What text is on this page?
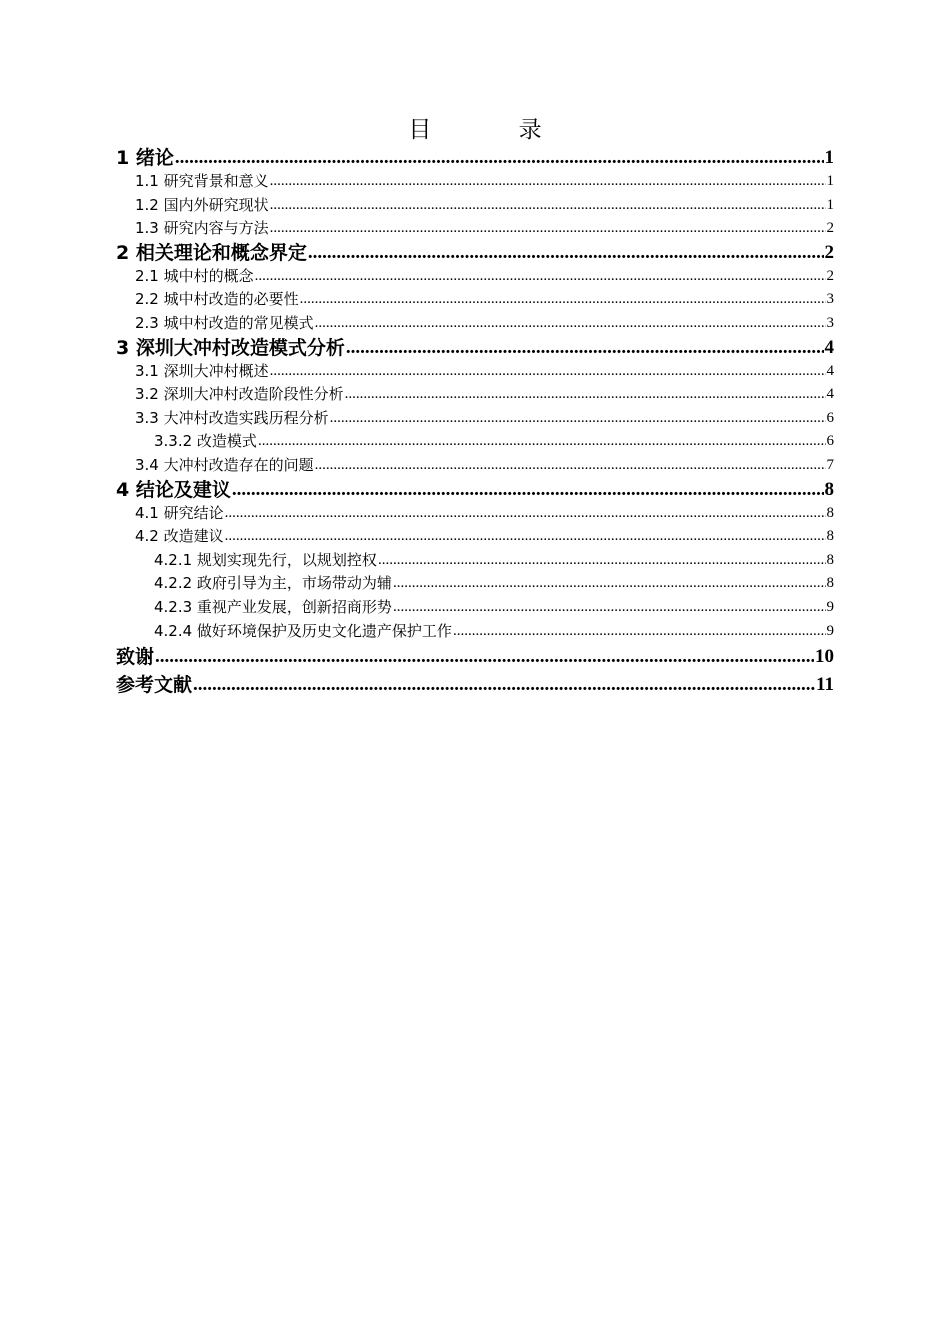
目 录
1 绪论 .....	1
1.1 研究背景和意义 .....	1
1.2 国内外研究现状 .....	1
1.3 研究内容与方法 .....	2
2 相关理论和概念界定 .....	2
2.1 城中村的概念 .....	2
2.2 城中村改造的必要性 .....	3
2.3 城中村改造的常见模式 .....	3
3 深圳大冲村改造模式分析 .....	4
3.1 深圳大冲村概述 .....	4
3.2 深圳大冲村改造阶段性分析 .....	4
3.3 大冲村改造实践历程分析 .....	6
3.3.2 改造模式 .....	6
3.4 大冲村改造存在的问题 .....	7
4 结论及建议 .....	8
4.1 研究结论 .....	8
4.2 改造建议 .....	8
4.2.1 规划实现先行，以规划控权 .....	8
4.2.2 政府引导为主，市场带动为辅 .....	8
4.2.3 重视产业发展，创新招商形势 .....	9
4.2.4 做好环境保护及历史文化遗产保护工作 .....	9
致谢 .....	10
参考文献 .....	11
